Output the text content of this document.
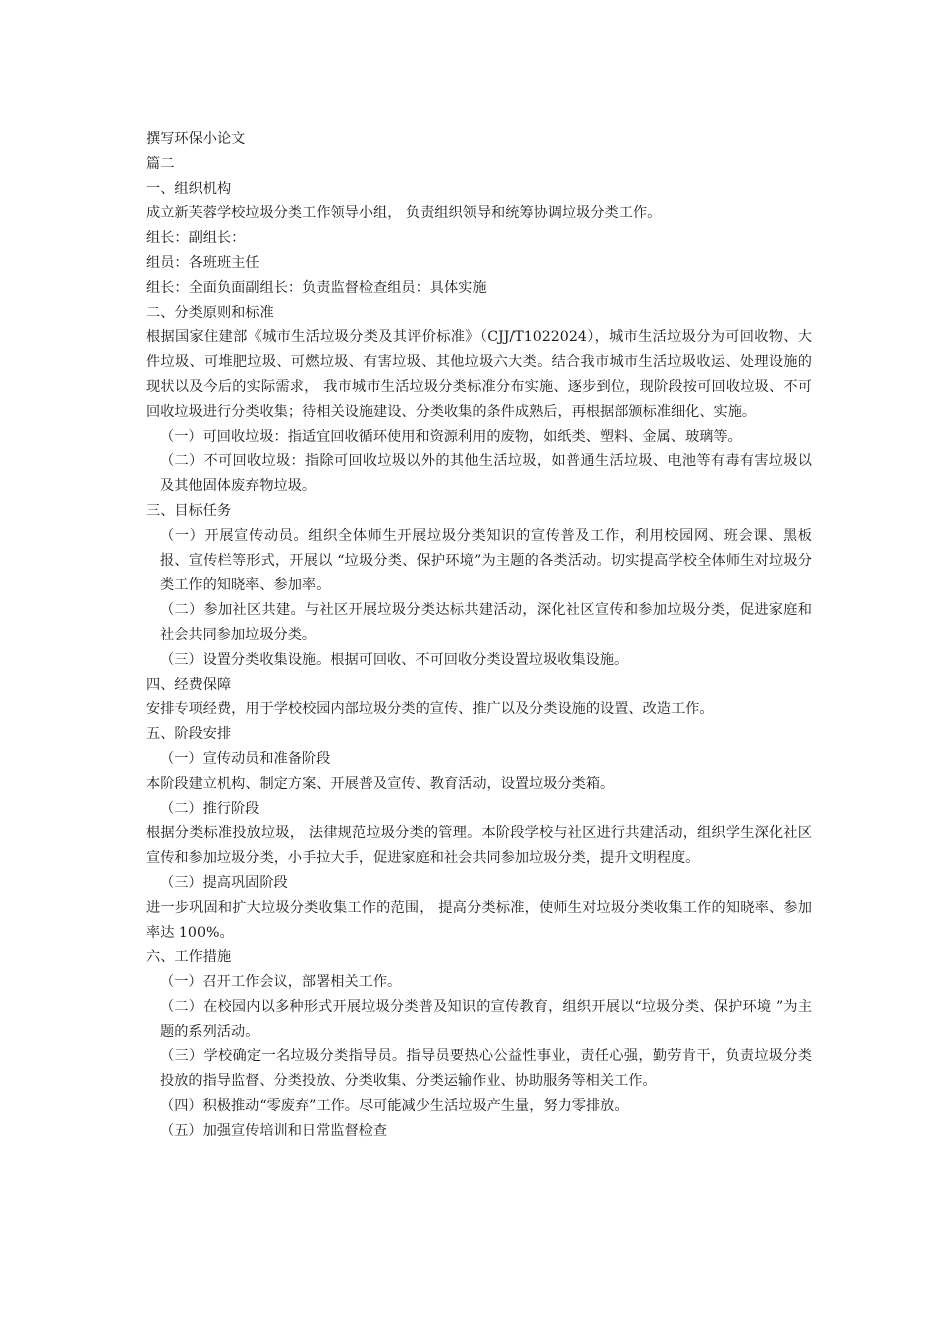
撰写环保小论文

篇二

一、组织机构

成立新芙蓉学校垃圾分类工作领导小组， 负责组织领导和统筹协调垃圾分类工作。

组长：副组长：

组员：各班班主任

组长：全面负面副组长：负责监督检查组员：具体实施

二、分类原则和标准

根据国家住建部《城市生活垃圾分类及其评价标准》（CJJ/T1022024），城市生活垃圾分为可回收物、大件垃圾、可堆肥垃圾、可燃垃圾、有害垃圾、其他垃圾六大类。结合我市城市生活垃圾收运、处理设施的现状以及今后的实际需求， 我市城市生活垃圾分类标准分布实施、逐步到位，现阶段按可回收垃圾、不可回收垃圾进行分类收集；待相关设施建设、分类收集的条件成熟后，再根据部颁标准细化、实施。

（一）可回收垃圾：指适宜回收循环使用和资源利用的废物，如纸类、塑料、金属、玻璃等。

（二）不可回收垃圾：指除可回收垃圾以外的其他生活垃圾，如普通生活垃圾、电池等有毒有害垃圾以及其他固体废弃物垃圾。

三、目标任务

（一）开展宣传动员。组织全体师生开展垃圾分类知识的宣传普及工作，利用校园网、班会课、黑板报、宣传栏等形式，开展以 “垃圾分类、保护环境”为主题的各类活动。切实提高学校全体师生对垃圾分类工作的知晓率、参加率。

（二）参加社区共建。与社区开展垃圾分类达标共建活动，深化社区宣传和参加垃圾分类，促进家庭和社会共同参加垃圾分类。

（三）设置分类收集设施。根据可回收、不可回收分类设置垃圾收集设施。

四、经费保障

安排专项经费，用于学校校园内部垃圾分类的宣传、推广以及分类设施的设置、改造工作。

五、阶段安排

（一）宣传动员和准备阶段

本阶段建立机构、制定方案、开展普及宣传、教育活动，设置垃圾分类箱。

（二）推行阶段

根据分类标准投放垃圾， 法律规范垃圾分类的管理。本阶段学校与社区进行共建活动，组织学生深化社区宣传和参加垃圾分类，小手拉大手，促进家庭和社会共同参加垃圾分类，提升文明程度。

（三）提高巩固阶段

进一步巩固和扩大垃圾分类收集工作的范围， 提高分类标准，使师生对垃圾分类收集工作的知晓率、参加率达 100%。

六、工作措施

（一）召开工作会议，部署相关工作。

（二）在校园内以多种形式开展垃圾分类普及知识的宣传教育，组织开展以“垃圾分类、保护环境 ”为主题的系列活动。

（三）学校确定一名垃圾分类指导员。指导员要热心公益性事业，责任心强，勤劳肯干，负责垃圾分类投放的指导监督、分类投放、分类收集、分类运输作业、协助服务等相关工作。

（四）积极推动“零废弃”工作。尽可能减少生活垃圾产生量，努力零排放。

（五）加强宣传培训和日常监督检查
